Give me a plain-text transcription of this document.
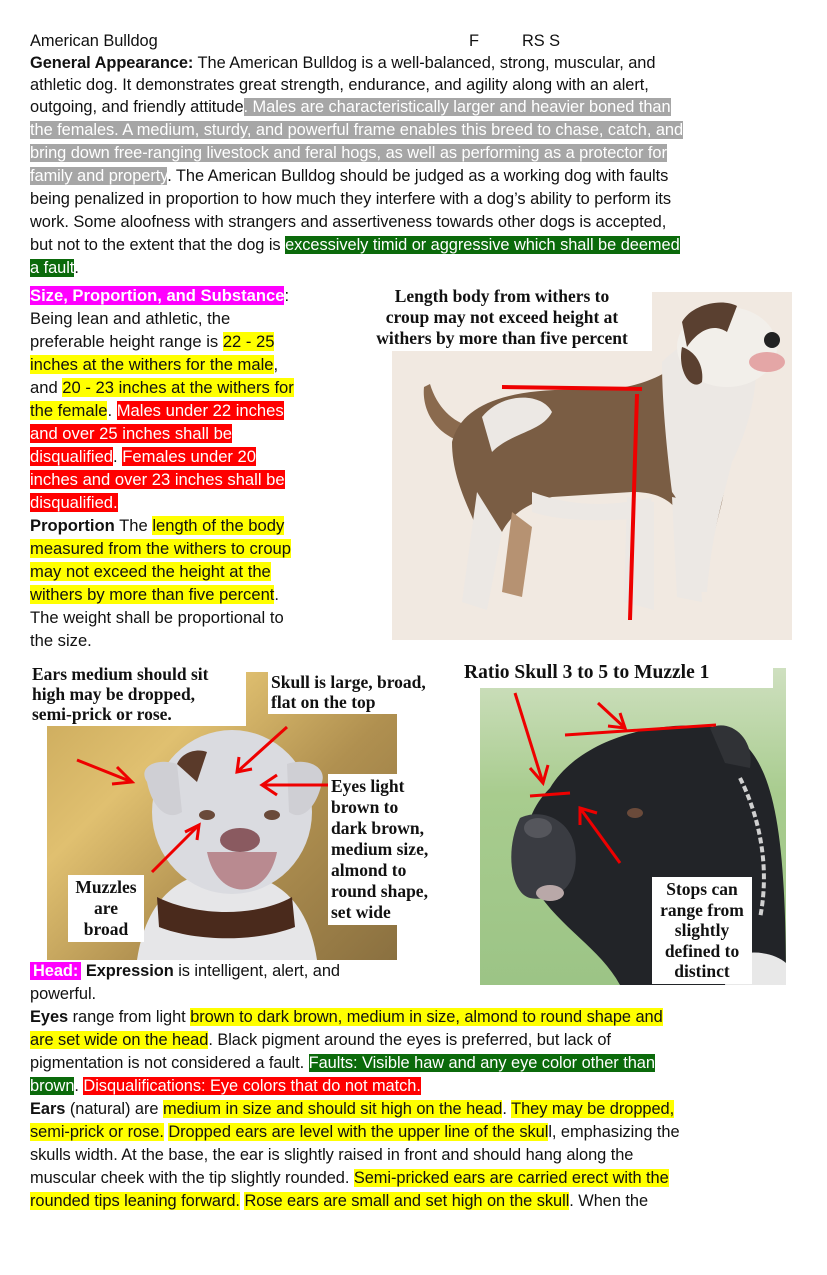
American Bulldog	F	RS S
General Appearance: The American Bulldog is a well-balanced, strong, muscular, and
athletic dog. It demonstrates great strength, endurance, and agility along with an alert,
outgoing, and friendly attitude. Males are characteristically larger and heavier boned than
the females. A medium, sturdy, and powerful frame enables this breed to chase, catch, and
bring down free-ranging livestock and feral hogs, as well as performing as a protector for
family and property. The American Bulldog should be judged as a working dog with faults
being penalized in proportion to how much they interfere with a dog’s ability to perform its
work. Some aloofness with strangers and assertiveness towards other dogs is accepted,
but not to the extent that the dog is excessively timid or aggressive which shall be deemed
a fault.
Size, Proportion, and Substance:
Being lean and athletic, the
preferable height range is 22 - 25
inches at the withers for the male,
and 20 - 23 inches at the withers for
the female. Males under 22 inches
and over 25 inches shall be
disqualified. Females under 20
inches and over 23 inches shall be
disqualified.
Proportion The length of the body
measured from the withers to croup
may not exceed the height at the
withers by more than five percent.
The weight shall be proportional to
the size.
Length body from withers to
croup may not exceed height at
withers by more than five percent
Ears medium should sit
high may be dropped,
semi-prick or rose.
Skull is large, broad,
flat on the top
Eyes light
brown to
dark brown,
medium size,
almond to
round shape,
set wide
Muzzles
are
broad
Ratio Skull 3 to 5 to Muzzle 1
Stops can
range from
slightly
defined to
distinct
Head: Expression is intelligent, alert, and
powerful.
Eyes range from light brown to dark brown, medium in size, almond to round shape and
are set wide on the head. Black pigment around the eyes is preferred, but lack of
pigmentation is not considered a fault. Faults: Visible haw and any eye color other than
brown. Disqualifications: Eye colors that do not match.
Ears (natural) are medium in size and should sit high on the head. They may be dropped,
semi-prick or rose. Dropped ears are level with the upper line of the skull, emphasizing the
skulls width. At the base, the ear is slightly raised in front and should hang along the
muscular cheek with the tip slightly rounded. Semi-pricked ears are carried erect with the
rounded tips leaning forward. Rose ears are small and set high on the skull. When the
